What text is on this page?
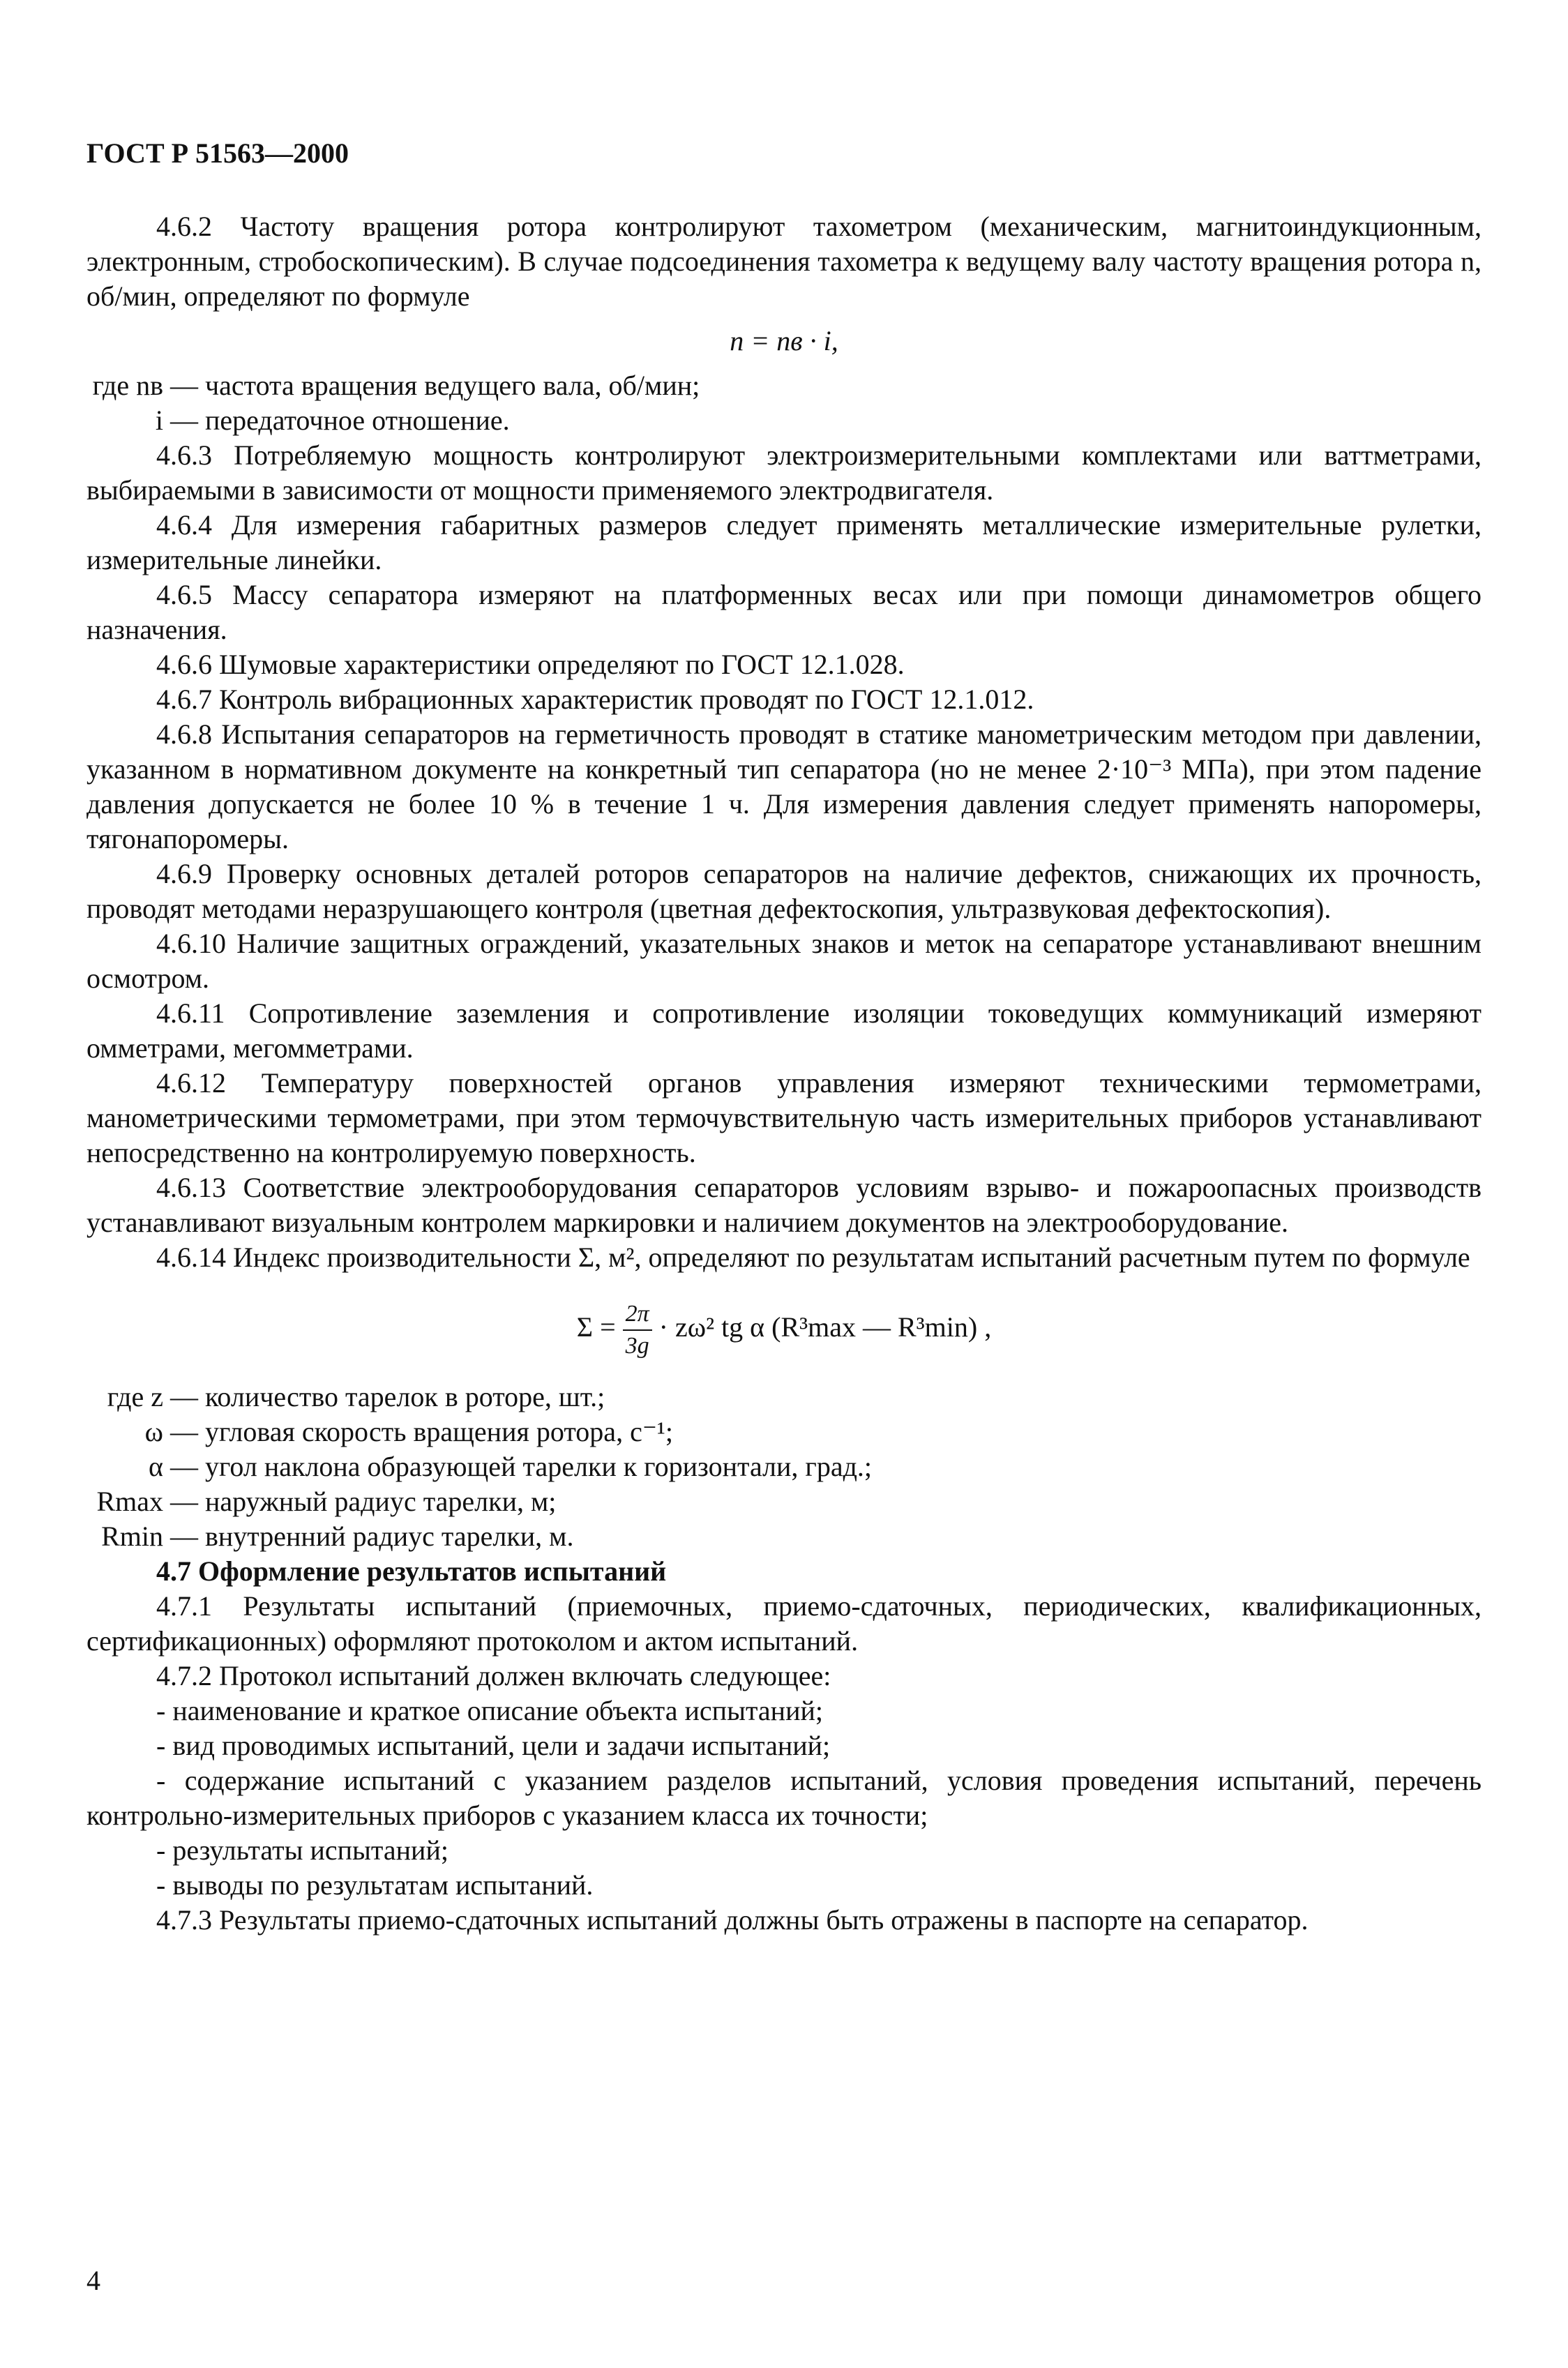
ГОСТ Р 51563—2000

4.6.2 Частоту вращения ротора контролируют тахометром (механическим, магнитоиндукционным, электронным, стробоскопическим). В случае подсоединения тахометра к ведущему валу частоту вращения ротора n, об/мин, определяют по формуле

n = nв · i,
где nв — частота вращения ведущего вала, об/мин;
i — передаточное отношение.

4.6.3 Потребляемую мощность контролируют электроизмерительными комплектами или ваттметрами, выбираемыми в зависимости от мощности применяемого электродвигателя.

4.6.4 Для измерения габаритных размеров следует применять металлические измерительные рулетки, измерительные линейки.

4.6.5 Массу сепаратора измеряют на платформенных весах или при помощи динамометров общего назначения.

4.6.6 Шумовые характеристики определяют по ГОСТ 12.1.028.

4.6.7 Контроль вибрационных характеристик проводят по ГОСТ 12.1.012.

4.6.8 Испытания сепараторов на герметичность проводят в статике манометрическим методом при давлении, указанном в нормативном документе на конкретный тип сепаратора (но не менее 2·10⁻³ МПа), при этом падение давления допускается не более 10 % в течение 1 ч. Для измерения давления следует применять напоромеры, тягонапоромеры.

4.6.9 Проверку основных деталей роторов сепараторов на наличие дефектов, снижающих их прочность, проводят методами неразрушающего контроля (цветная дефектоскопия, ультразвуковая дефектоскопия).

4.6.10 Наличие защитных ограждений, указательных знаков и меток на сепараторе устанавливают внешним осмотром.

4.6.11 Сопротивление заземления и сопротивление изоляции токоведущих коммуникаций измеряют омметрами, мегомметрами.

4.6.12 Температуру поверхностей органов управления измеряют техническими термометрами, манометрическими термометрами, при этом термочувствительную часть измерительных приборов устанавливают непосредственно на контролируемую поверхность.

4.6.13 Соответствие электрооборудования сепараторов условиям взрыво- и пожароопасных производств устанавливают визуальным контролем маркировки и наличием документов на электрооборудование.

4.6.14 Индекс производительности Σ, м², определяют по результатам испытаний расчетным путем по формуле

$\Sigma = \frac{2\pi}{3g} \cdot z\omega^2$ tg α (R³max — R³min) ,
где z — количество тарелок в роторе, шт.;
ω — угловая скорость вращения ротора, с⁻¹;
α — угол наклона образующей тарелки к горизонтали, град.;
Rmax — наружный радиус тарелки, м;
Rmin — внутренний радиус тарелки, м.

4.7 Оформление результатов испытаний

4.7.1 Результаты испытаний (приемочных, приемо-сдаточных, периодических, квалификационных, сертификационных) оформляют протоколом и актом испытаний.

4.7.2 Протокол испытаний должен включать следующее:

- наименование и краткое описание объекта испытаний;

- вид проводимых испытаний, цели и задачи испытаний;

- содержание испытаний с указанием разделов испытаний, условия проведения испытаний, перечень контрольно-измерительных приборов с указанием класса их точности;

- результаты испытаний;

- выводы по результатам испытаний.

4.7.3 Результаты приемо-сдаточных испытаний должны быть отражены в паспорте на сепаратор.

4
